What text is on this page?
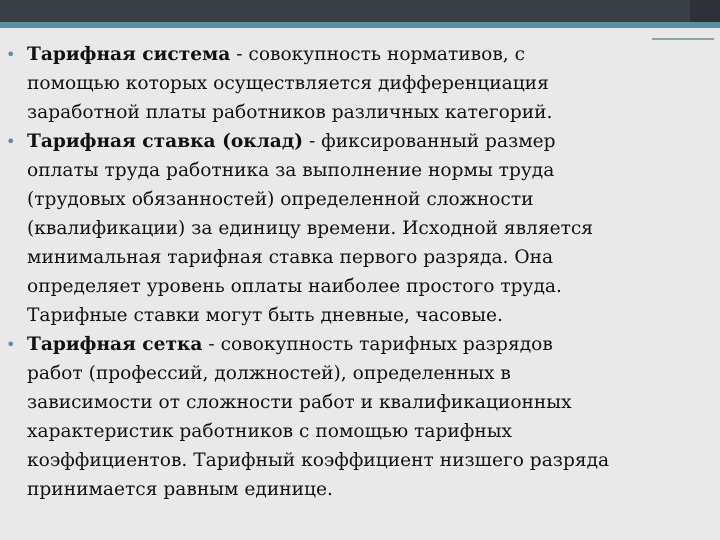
• Тарифная система - совокупность нормативов, с
помощью которых осуществляется дифференциация
заработной платы работников различных категорий.
• Тарифная ставка (оклад) - фиксированный размер
оплаты труда работника за выполнение нормы труда
(трудовых обязанностей) определенной сложности
(квалификации) за единицу времени. Исходной является
минимальная тарифная ставка первого разряда. Она
определяет уровень оплаты наиболее простого труда.
Тарифные ставки могут быть дневные, часовые.
• Тарифная сетка - совокупность тарифных разрядов
работ (профессий, должностей), определенных в
зависимости от сложности работ и квалификационных
характеристик работников с помощью тарифных
коэффициентов. Тарифный коэффициент низшего разряда
принимается равным единице.
